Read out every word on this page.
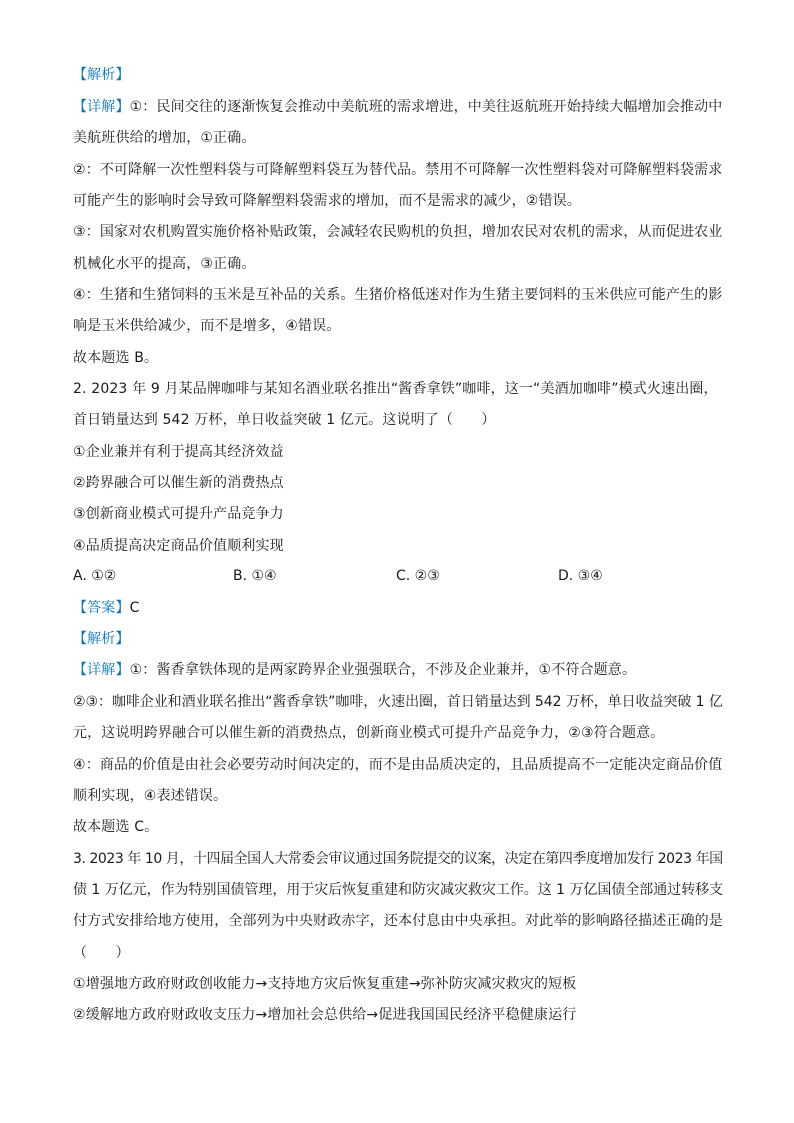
【解析】
【详解】①：民间交往的逐渐恢复会推动中美航班的需求增进，中美往返航班开始持续大幅增加会推动中
美航班供给的增加，①正确。
②：不可降解一次性塑料袋与可降解塑料袋互为替代品。禁用不可降解一次性塑料袋对可降解塑料袋需求
可能产生的影响时会导致可降解塑料袋需求的增加，而不是需求的减少，②错误。
③：国家对农机购置实施价格补贴政策，会减轻农民购机的负担，增加农民对农机的需求，从而促进农业
机械化水平的提高，③正确。
④：生猪和生猪饲料的玉米是互补品的关系。生猪价格低迷对作为生猪主要饲料的玉米供应可能产生的影
响是玉米供给减少，而不是增多，④错误。
故本题选 B。
2. 2023 年 9 月某品牌咖啡与某知名酒业联名推出“酱香拿铁”咖啡，这一“美酒加咖啡”模式火速出圈，
首日销量达到 542 万杯，单日收益突破 1 亿元。这说明了（　　）
①企业兼并有利于提高其经济效益
②跨界融合可以催生新的消费热点
③创新商业模式可提升产品竞争力
④品质提高决定商品价值顺利实现
A. ①②	B. ①④	C. ②③	D. ③④
【答案】C
【解析】
【详解】①：酱香拿铁体现的是两家跨界企业强强联合，不涉及企业兼并，①不符合题意。
②③：咖啡企业和酒业联名推出“酱香拿铁”咖啡，火速出圈，首日销量达到 542 万杯，单日收益突破 1 亿
元，这说明跨界融合可以催生新的消费热点，创新商业模式可提升产品竞争力，②③符合题意。
④：商品的价值是由社会必要劳动时间决定的，而不是由品质决定的，且品质提高不一定能决定商品价值
顺利实现，④表述错误。
故本题选 C。
3. 2023 年 10 月，十四届全国人大常委会审议通过国务院提交的议案，决定在第四季度增加发行 2023 年国
债 1 万亿元，作为特别国债管理，用于灾后恢复重建和防灾减灾救灾工作。这 1 万亿国债全部通过转移支
付方式安排给地方使用，全部列为中央财政赤字，还本付息由中央承担。对此举的影响路径描述正确的是
（　　）
①增强地方政府财政创收能力→支持地方灾后恢复重建→弥补防灾减灾救灾的短板
②缓解地方政府财政收支压力→增加社会总供给→促进我国国民经济平稳健康运行
